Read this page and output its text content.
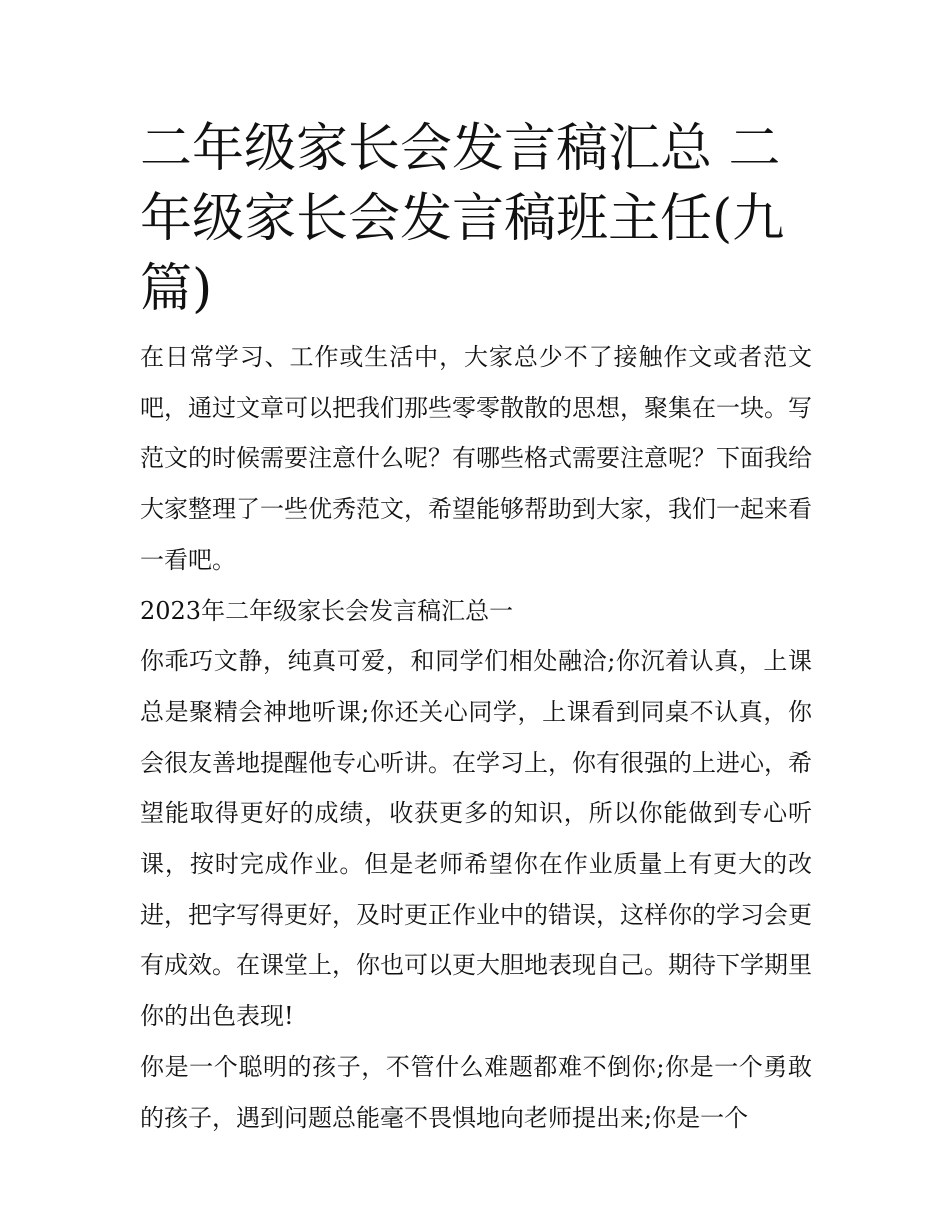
二年级家长会发言稿汇总 二年级家长会发言稿班主任(九篇)

在日常学习、工作或生活中，大家总少不了接触作文或者范文吧，通过文章可以把我们那些零零散散的思想，聚集在一块。写范文的时候需要注意什么呢？有哪些格式需要注意呢？下面我给大家整理了一些优秀范文，希望能够帮助到大家，我们一起来看一看吧。

2023年二年级家长会发言稿汇总一

你乖巧文静，纯真可爱，和同学们相处融洽;你沉着认真，上课总是聚精会神地听课;你还关心同学，上课看到同桌不认真，你会很友善地提醒他专心听讲。在学习上，你有很强的上进心，希望能取得更好的成绩，收获更多的知识，所以你能做到专心听课，按时完成作业。但是老师希望你在作业质量上有更大的改进，把字写得更好，及时更正作业中的错误，这样你的学习会更有成效。在课堂上，你也可以更大胆地表现自己。期待下学期里你的出色表现!

你是一个聪明的孩子，不管什么难题都难不倒你;你是一个勇敢的孩子，遇到问题总能毫不畏惧地向老师提出来;你是一个
